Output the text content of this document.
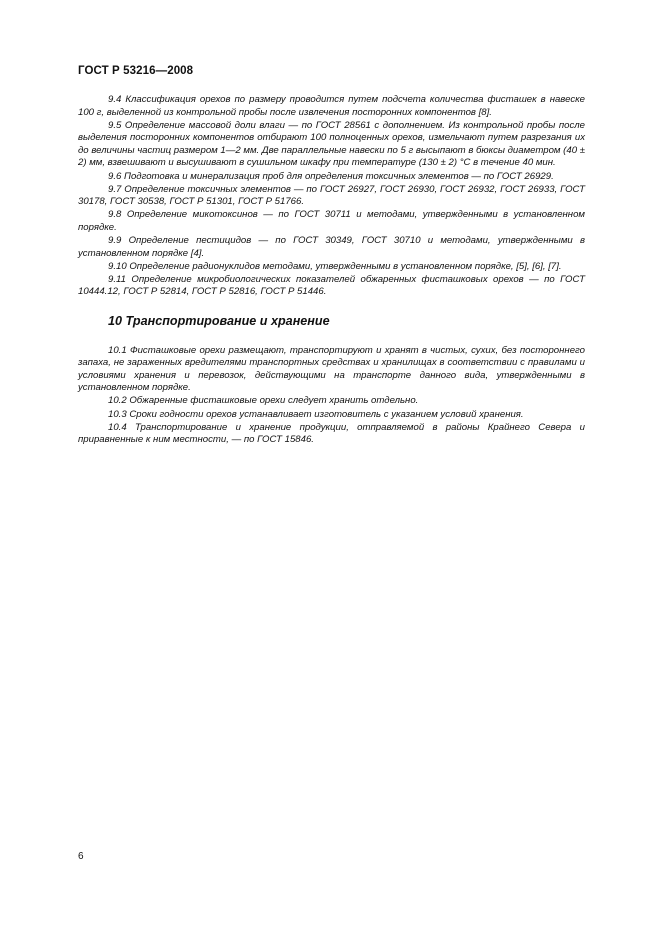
ГОСТ Р 53216—2008

9.4 Классификация орехов по размеру проводится путем подсчета количества фисташек в навеске 100 г, выделенной из контрольной пробы после извлечения посторонних компонентов [8].

9.5 Определение массовой доли влаги — по ГОСТ 28561 с дополнением. Из контрольной пробы после выделения посторонних компонентов отбирают 100 полноценных орехов, измельчают путем разрезания их до величины частиц размером 1—2 мм. Две параллельные навески по 5 г высыпают в бюксы диаметром (40 ± 2) мм, взвешивают и высушивают в сушильном шкафу при температуре (130 ± 2) °С в течение 40 мин.

9.6 Подготовка и минерализация проб для определения токсичных элементов — по ГОСТ 26929.

9.7 Определение токсичных элементов — по ГОСТ 26927, ГОСТ 26930, ГОСТ 26932, ГОСТ 26933, ГОСТ 30178, ГОСТ 30538, ГОСТ Р 51301, ГОСТ Р 51766.

9.8 Определение микотоксинов — по ГОСТ 30711 и методами, утвержденными в установленном порядке.

9.9 Определение пестицидов — по ГОСТ 30349, ГОСТ 30710 и методами, утвержденными в установленном порядке [4].

9.10 Определение радионуклидов методами, утвержденными в установленном порядке, [5], [6], [7].

9.11 Определение микробиологических показателей обжаренных фисташковых орехов — по ГОСТ 10444.12, ГОСТ Р 52814, ГОСТ Р 52816, ГОСТ Р 51446.

10 Транспортирование и хранение

10.1 Фисташковые орехи размещают, транспортируют и хранят в чистых, сухих, без постороннего запаха, не зараженных вредителями транспортных средствах и хранилищах в соответствии с правилами и условиями хранения и перевозок, действующими на транспорте данного вида, утвержденными в установленном порядке.

10.2 Обжаренные фисташковые орехи следует хранить отдельно.

10.3 Сроки годности орехов устанавливает изготовитель с указанием условий хранения.

10.4 Транспортирование и хранение продукции, отправляемой в районы Крайнего Севера и приравненные к ним местности, — по ГОСТ 15846.

6
